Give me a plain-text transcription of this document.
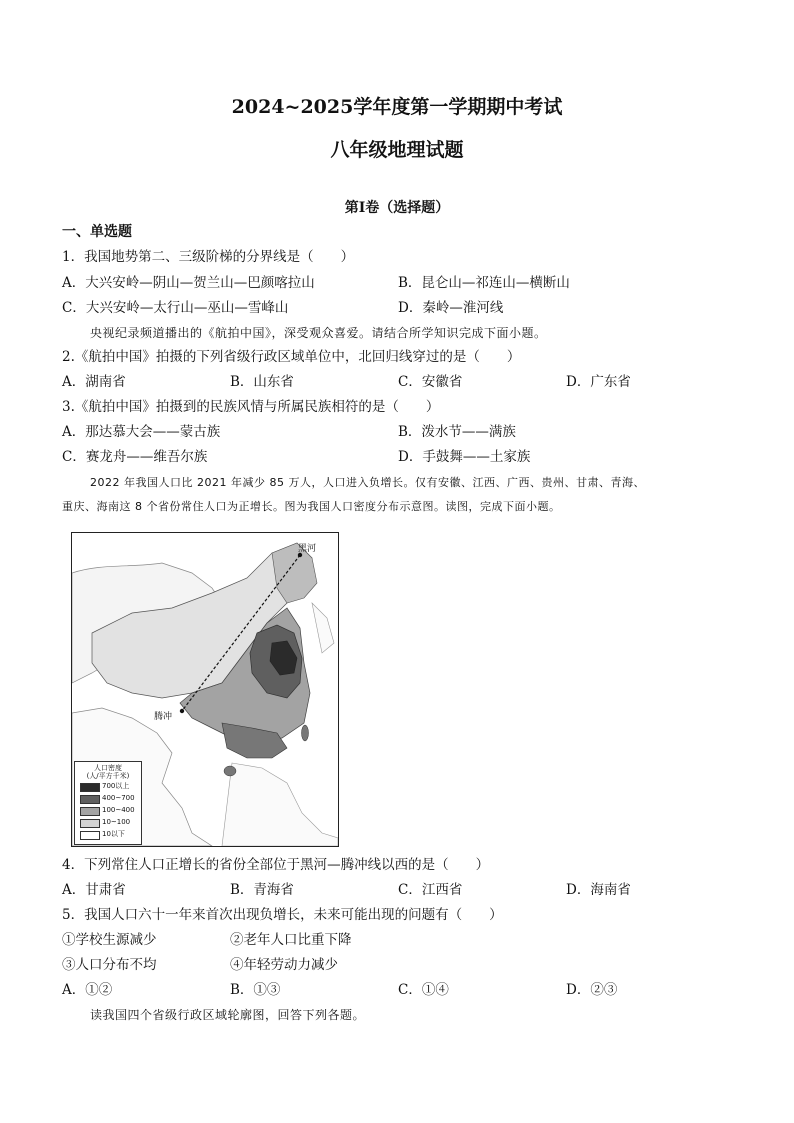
2024~2025学年度第一学期期中考试
八年级地理试题
第Ⅰ卷（选择题）
一、单选题
1．我国地势第二、三级阶梯的分界线是（　　）
A．大兴安岭—阴山—贺兰山—巴颜喀拉山	B．昆仑山—祁连山—横断山
C．大兴安岭—太行山—巫山—雪峰山	D．秦岭—淮河线
央视纪录频道播出的《航拍中国》，深受观众喜爱。请结合所学知识完成下面小题。
2.《航拍中国》拍摄的下列省级行政区域单位中，北回归线穿过的是（　　）
A．湖南省	B．山东省	C．安徽省	D．广东省
3.《航拍中国》拍摄到的民族风情与所属民族相符的是（　　）
A．那达慕大会——蒙古族	B．泼水节——满族
C．赛龙舟——维吾尔族	D．手鼓舞——土家族
2022 年我国人口比 2021 年减少 85 万人，人口进入负增长。仅有安徽、江西、广西、贵州、甘肃、青海、
重庆、海南这 8 个省份常住人口为正增长。图为我国人口密度分布示意图。读图，完成下面小题。
黑河
腾冲
人口密度
(人/平方千米)
700以上
400~700
100~400
10~100
10以下
4．下列常住人口正增长的省份全部位于黑河—腾冲线以西的是（　　）
A．甘肃省	B．青海省	C．江西省	D．海南省
5．我国人口六十一年来首次出现负增长，未来可能出现的问题有（　　）
①学校生源减少	②老年人口比重下降
③人口分布不均	④年轻劳动力减少
A．①②	B．①③	C．①④	D．②③
读我国四个省级行政区域轮廓图，回答下列各题。
